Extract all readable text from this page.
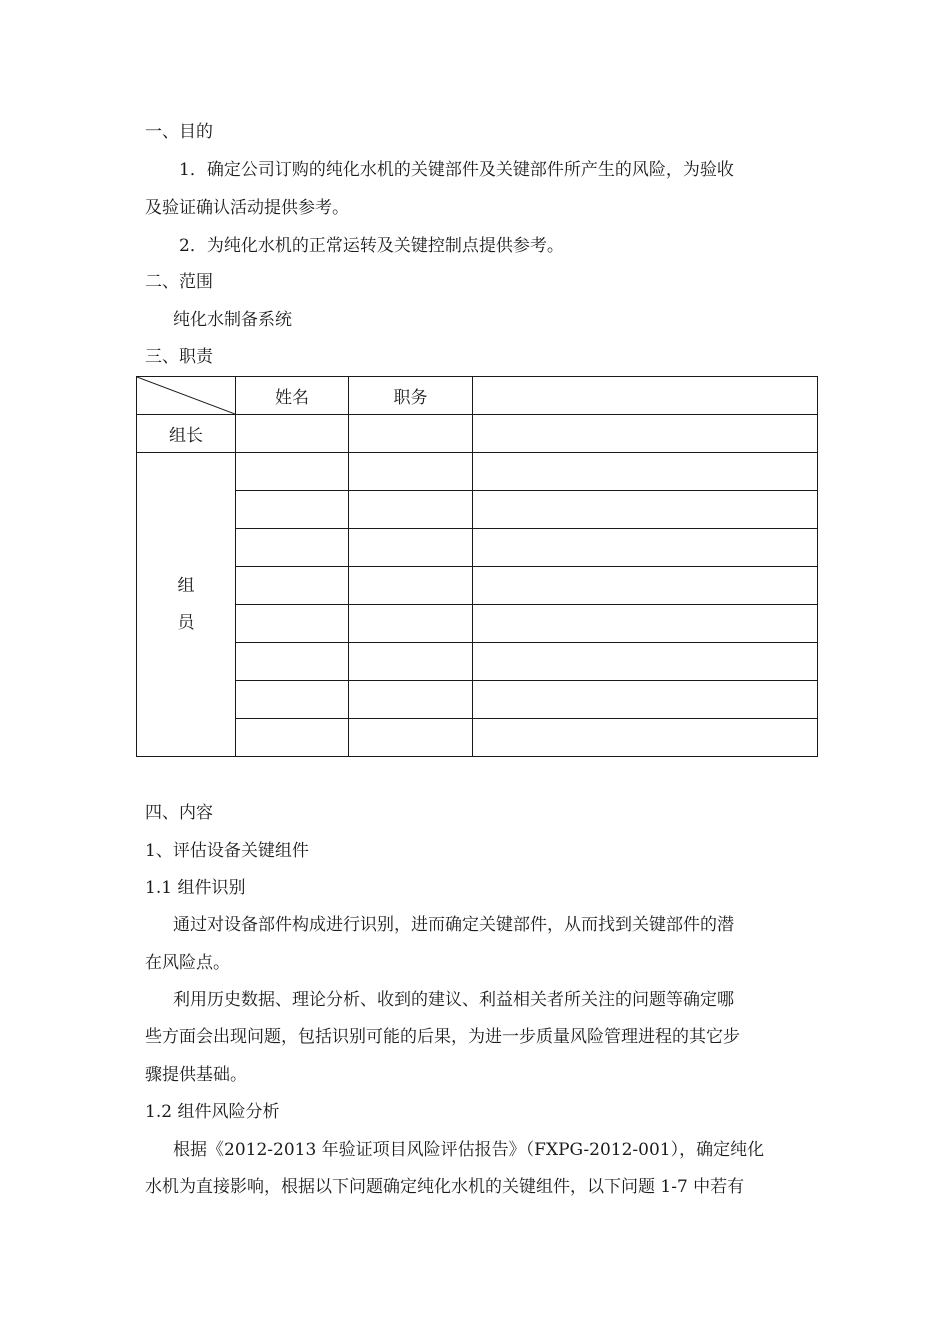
一、目的
1．确定公司订购的纯化水机的关键部件及关键部件所产生的风险，为验收
及验证确认活动提供参考。
2．为纯化水机的正常运转及关键控制点提供参考。
二、范围
纯化水制备系统
三、职责
	姓名	职务	
组长			

组
员			

四、内容
1、评估设备关键组件
1.1 组件识别
通过对设备部件构成进行识别，进而确定关键部件，从而找到关键部件的潜
在风险点。
利用历史数据、理论分析、收到的建议、利益相关者所关注的问题等确定哪
些方面会出现问题，包括识别可能的后果，为进一步质量风险管理进程的其它步
骤提供基础。
1.2 组件风险分析
根据《2012-2013 年验证项目风险评估报告》（FXPG-2012-001），确定纯化
水机为直接影响，根据以下问题确定纯化水机的关键组件，以下问题 1-7 中若有
